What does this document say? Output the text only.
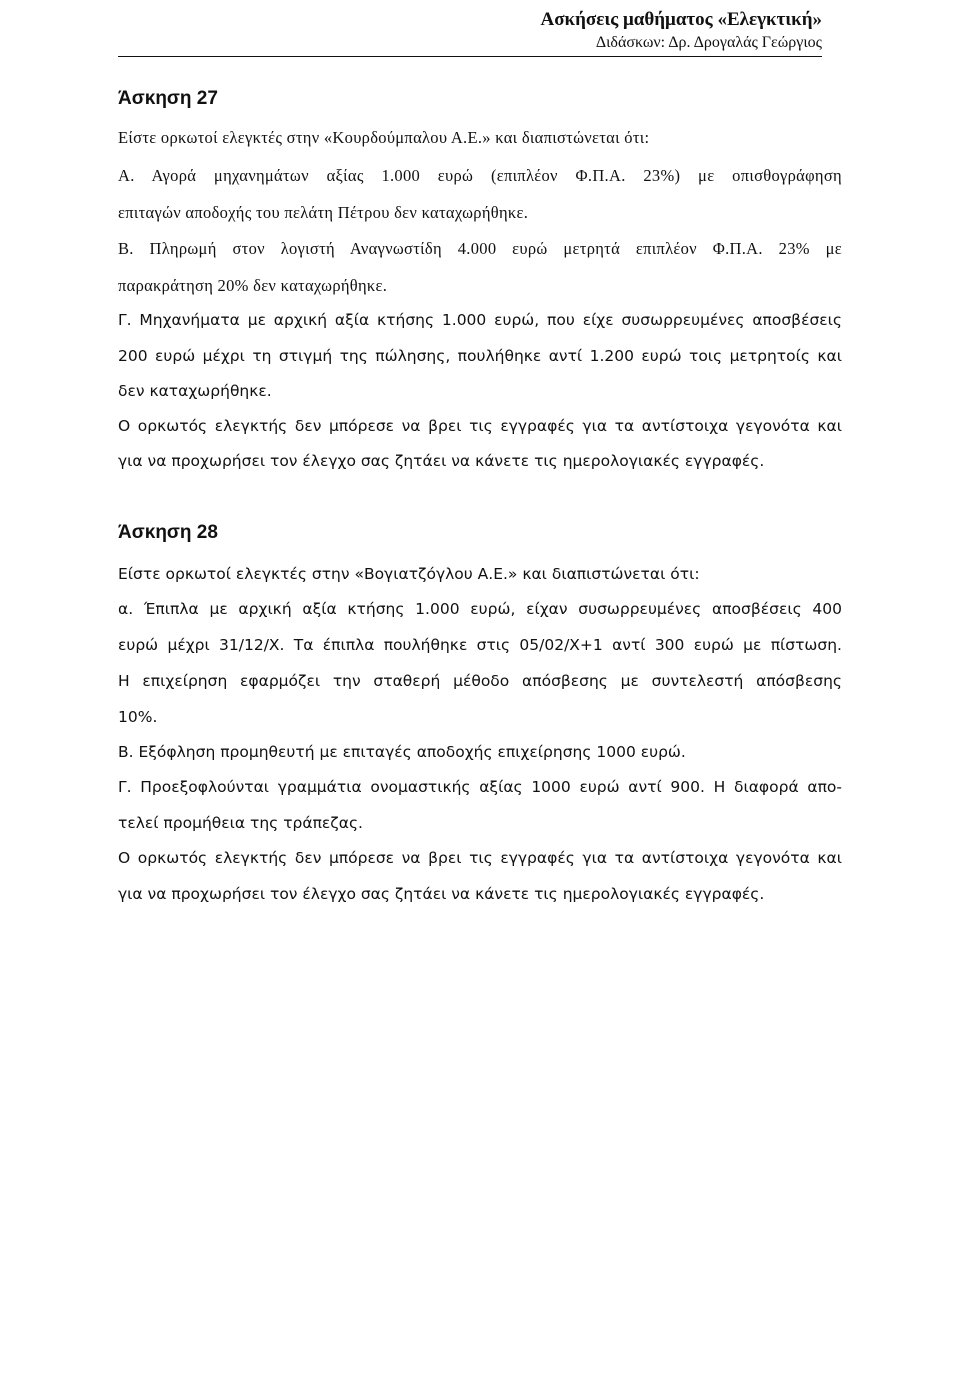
Ασκήσεις μαθήματος «Ελεγκτική»
Διδάσκων: Δρ. Δρογαλάς Γεώργιος
Άσκηση 27
Είστε ορκωτοί ελεγκτές στην «Κουρδούμπαλου Α.Ε.» και διαπιστώνεται ότι:
Α. Αγορά μηχανημάτων αξίας 1.000 ευρώ (επιπλέον Φ.Π.Α. 23%) με οπισθογράφηση
επιταγών αποδοχής του πελάτη Πέτρου δεν καταχωρήθηκε.
Β. Πληρωμή στον λογιστή Αναγνωστίδη 4.000 ευρώ μετρητά επιπλέον Φ.Π.Α. 23% με
παρακράτηση 20% δεν καταχωρήθηκε.
Γ. Μηχανήματα με αρχική αξία κτήσης 1.000 ευρώ, που είχε συσωρρευμένες αποσβέσεις
200 ευρώ μέχρι τη στιγμή της πώλησης, πουλήθηκε αντί 1.200 ευρώ τοις μετρητοίς και
δεν καταχωρήθηκε.
Ο ορκωτός ελεγκτής δεν μπόρεσε να βρει τις εγγραφές για τα αντίστοιχα γεγονότα και
για να προχωρήσει τον έλεγχο σας ζητάει να κάνετε τις ημερολογιακές εγγραφές.
Άσκηση 28
Είστε ορκωτοί ελεγκτές στην «Βογιατζόγλου Α.Ε.» και διαπιστώνεται ότι:
α. Έπιπλα με αρχική αξία κτήσης 1.000 ευρώ, είχαν συσωρρευμένες αποσβέσεις 400
ευρώ μέχρι 31/12/Χ. Τα έπιπλα πουλήθηκε στις 05/02/Χ+1 αντί 300 ευρώ με πίστωση.
Η επιχείρηση εφαρμόζει την σταθερή μέθοδο απόσβεσης με συντελεστή απόσβεσης
10%.
Β. Εξόφληση προμηθευτή με επιταγές αποδοχής επιχείρησης 1000 ευρώ.
Γ. Προεξοφλούνται γραμμάτια ονομαστικής αξίας 1000 ευρώ αντί 900. Η διαφορά απο-
τελεί προμήθεια της τράπεζας.
Ο ορκωτός ελεγκτής δεν μπόρεσε να βρει τις εγγραφές για τα αντίστοιχα γεγονότα και
για να προχωρήσει τον έλεγχο σας ζητάει να κάνετε τις ημερολογιακές εγγραφές.
